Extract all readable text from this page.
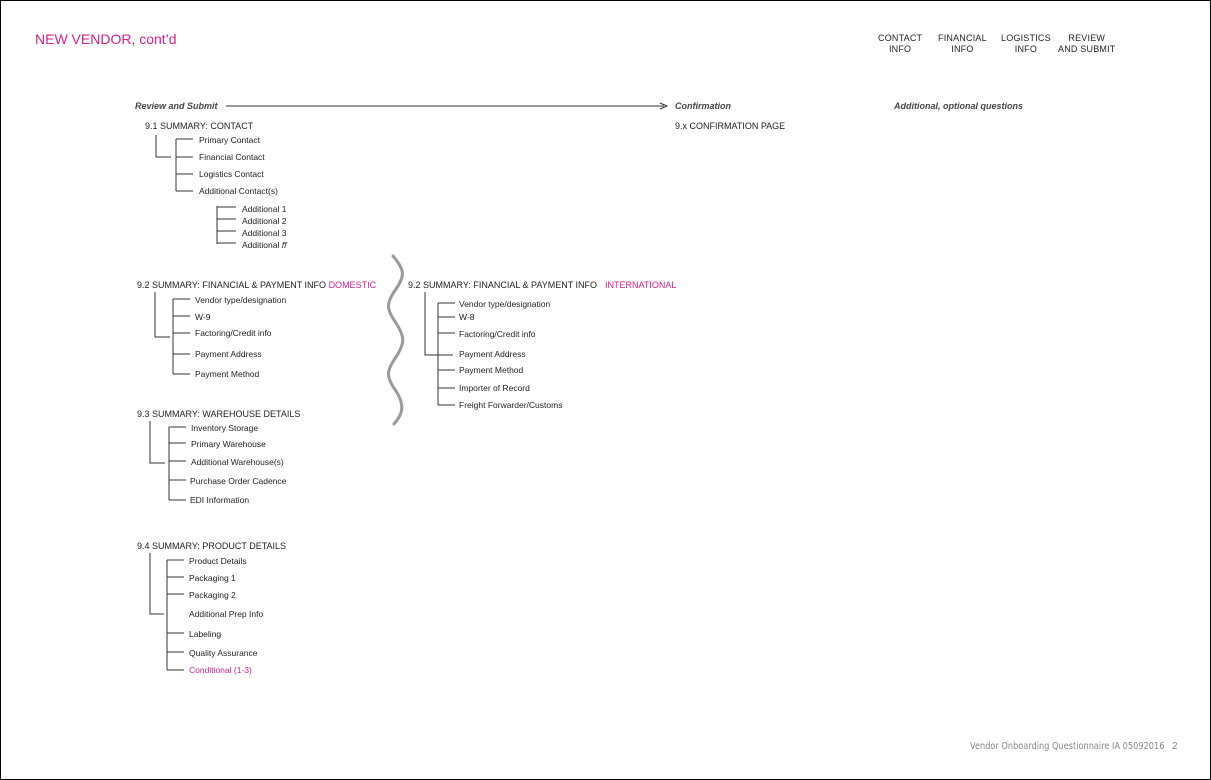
NEW VENDOR, cont’d	CONTACT
INFO
FINANCIAL
INFO
LOGISTICS
INFO
REVIEW
AND SUBMIT
Review and Submit	Confirmation	Additional, optional questions
9.x CONFIRMATION PAGE
9.1 SUMMARY: CONTACT
Primary Contact
Financial Contact
Logistics Contact
Additional Contact(s)
Additional 1
Additional 2
Additional 3
Additional ff
9.2 SUMMARY: FINANCIAL & PAYMENT INFO DOMESTIC
Vendor type/designation
W-9
Factoring/Credit info
Payment Address
Payment Method
9.2 SUMMARY: FINANCIAL & PAYMENT INFO INTERNATIONAL
Vendor type/designation
W-8
Factoring/Credit info
Payment Address
Payment Method
Importer of Record
Freight Forwarder/Customs
9.3 SUMMARY: WAREHOUSE DETAILS
Inventory Storage
Primary Warehouse
Additional Warehouse(s)
Purchase Order Cadence
EDI Information
9.4 SUMMARY: PRODUCT DETAILS
Product Details
Packaging 1
Packaging 2
Additional Prep Info
Labeling
Quality Assurance
Conditional (1-3)
Vendor Onboarding Questionnaire IA 05092016 2
